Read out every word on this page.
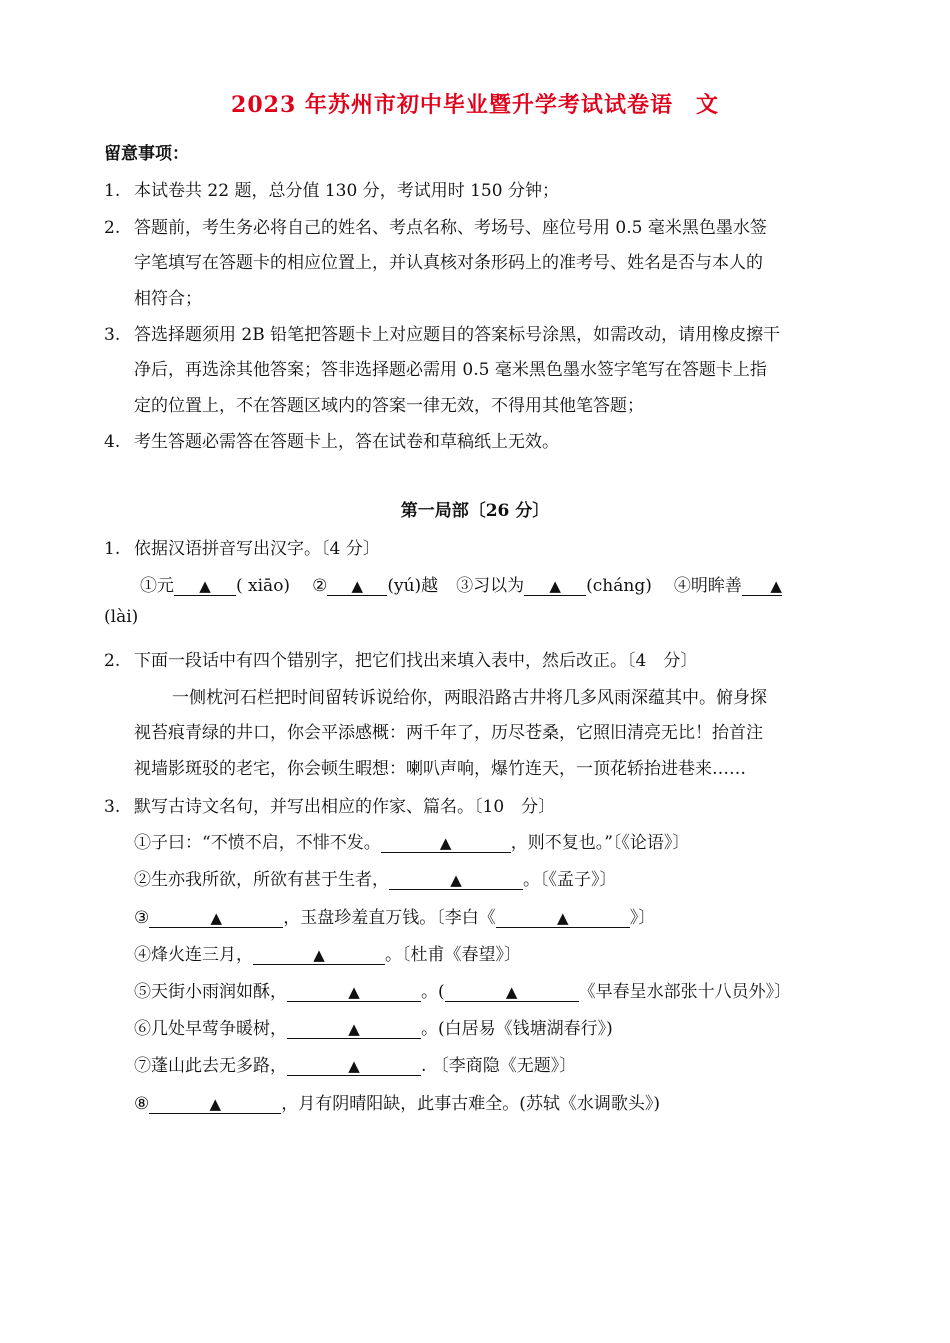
2023 年苏州市初中毕业暨升学考试试卷语　文
留意事项：
1. 本试卷共 22 题，总分值 130 分，考试用时 150 分钟；
2. 答题前，考生务必将自己的姓名、考点名称、考场号、座位号用 0.5 毫米黑色墨水签
字笔填写在答题卡的相应位置上，并认真核对条形码上的准考号、姓名是否与本人的
相符合；
3. 答选择题须用 2B 铅笔把答题卡上对应题目的答案标号涂黑，如需改动，请用橡皮擦干
净后，再选涂其他答案；答非选择题必需用 0.5 毫米黑色墨水签字笔写在答题卡上指
定的位置上，不在答题区域内的答案一律无效，不得用其他笔答题；
4. 考生答题必需答在答题卡上，答在试卷和草稿纸上无效。
第一局部〔26 分〕
1. 依据汉语拼音写出汉字。〔4 分〕
①元 ▲ ( xiāo) ② ▲ (yú)越 ③习以为 ▲ (cháng) ④明眸善 ▲
(lài)
2. 下面一段话中有四个错别字，把它们找出来填入表中，然后改正。〔4　分〕
一侧枕河石栏把时间留转诉说给你，两眼沿路古井将几多风雨深蕴其中。俯身探
视苔痕青绿的井口，你会平添感概：两千年了，历尽苍桑，它照旧清亮无比！抬首注
视墙影斑驳的老宅，你会顿生暇想：喇叭声响，爆竹连天，一顶花轿抬进巷来……
3. 默写古诗文名句，并写出相应的作家、篇名。〔10　分〕
①子曰：“不愤不启，不悱不发。	▲	，则不复也。”〔《论语》〕
②生亦我所欲，所欲有甚于生者，	▲	。〔《孟子》〕
③	▲	，玉盘珍羞直万钱。〔李白《	▲	》〕
④烽火连三月，	▲	。〔杜甫《春望》〕
⑤天街小雨润如酥，	▲	。(	▲	《早春呈水部张十八员外》〕
⑥几处早莺争暖树，	▲	。(白居易《钱塘湖春行》)
⑦蓬山此去无多路，	▲	. 〔李商隐《无题》〕
⑧	▲	，月有阴晴阳缺，此事古难全。(苏轼《水调歌头》)
